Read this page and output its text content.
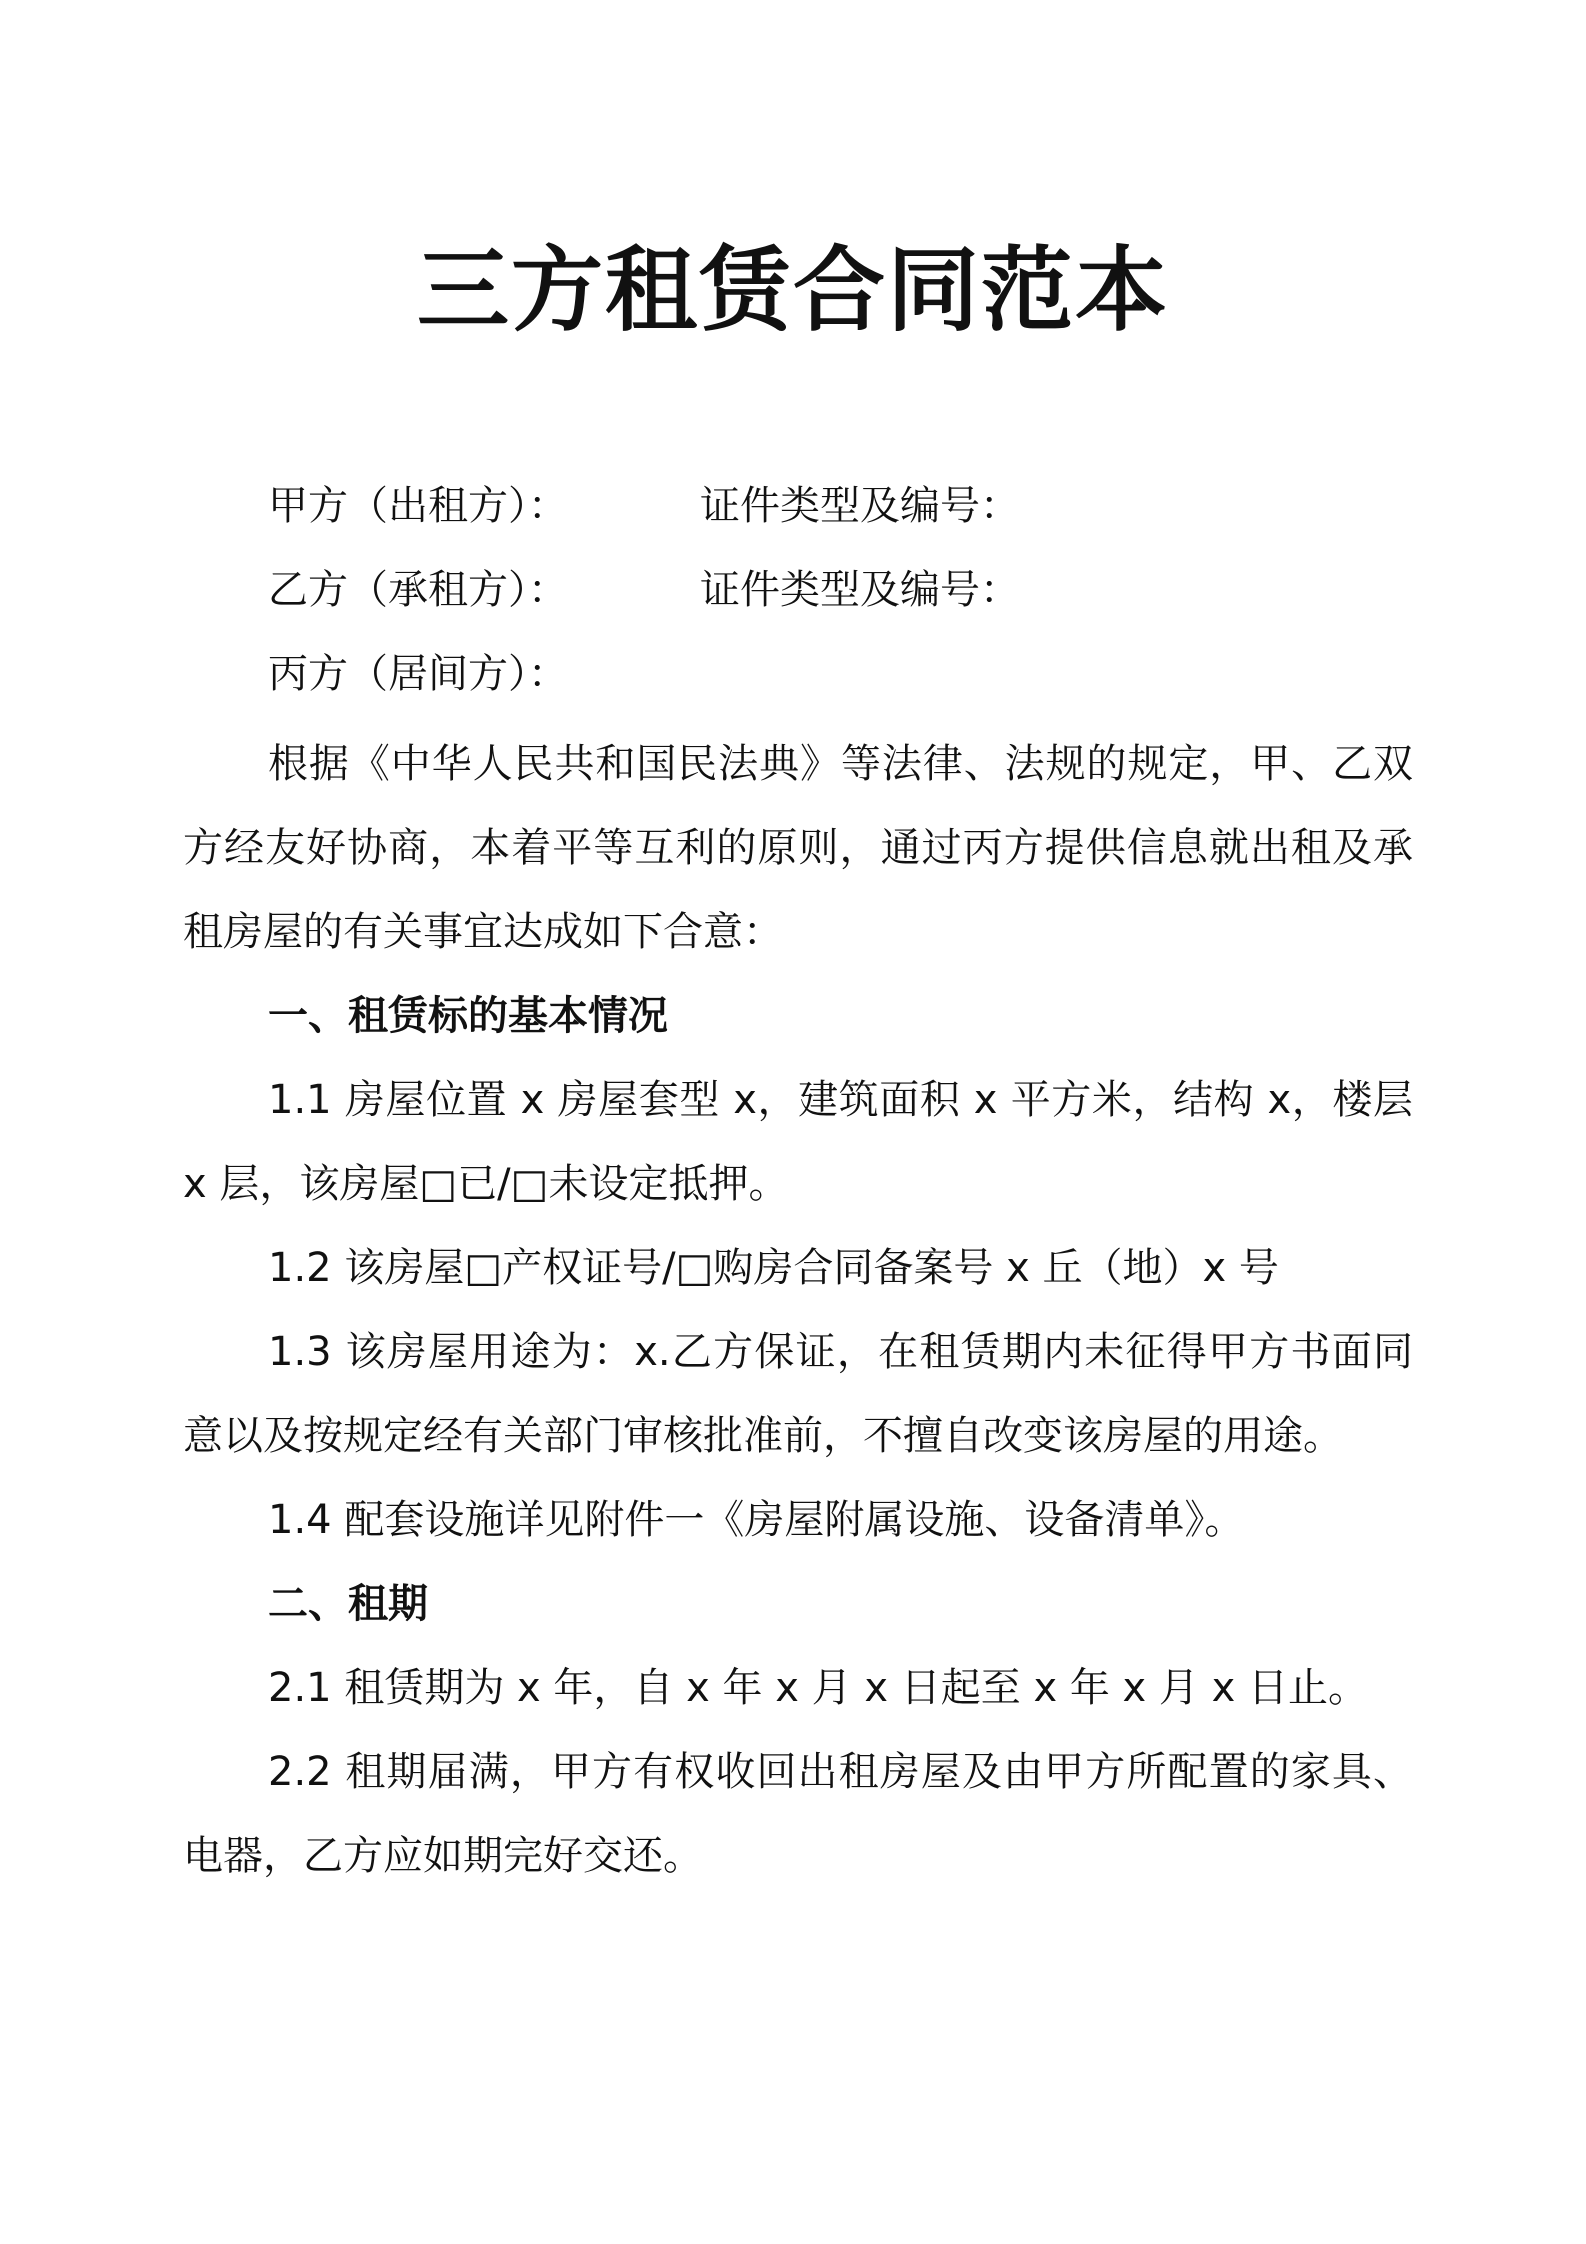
三方租赁合同范本
甲方（出租方）：	证件类型及编号：
乙方（承租方）：	证件类型及编号：
丙方（居间方）：

根据《中华人民共和国民法典》等法律、法规的规定，甲、乙双方经友好协商，本着平等互利的原则，通过丙方提供信息就出租及承租房屋的有关事宜达成如下合意：

一、租赁标的基本情况

1.1 房屋位置 x 房屋套型 x，建筑面积 x 平方米，结构 x，楼层 x 层，该房屋□已/□未设定抵押。

1.2 该房屋□产权证号/□购房合同备案号 x 丘（地）x 号

1.3 该房屋用途为：x.乙方保证，在租赁期内未征得甲方书面同意以及按规定经有关部门审核批准前，不擅自改变该房屋的用途。

1.4 配套设施详见附件一《房屋附属设施、设备清单》。

二、租期

2.1 租赁期为 x 年，自 x 年 x 月 x 日起至 x 年 x 月 x 日止。

2.2 租期届满，甲方有权收回出租房屋及由甲方所配置的家具、电器，乙方应如期完好交还。
